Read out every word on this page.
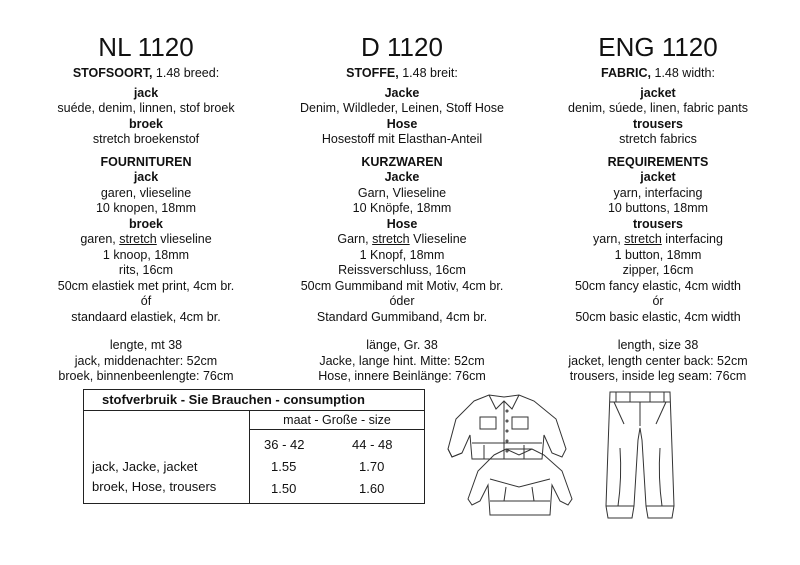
NL 1120
STOFSOORT, 1.48 breed:
jack
suéde, denim, linnen, stof broek
broek
stretch broekenstof
FOURNITUREN
jack
garen, vlieseline
10 knopen, 18mm
broek
garen, stretch vlieseline
1 knoop, 18mm
rits, 16cm
50cm elastiek met print, 4cm br.
óf
standaard elastiek, 4cm br.
lengte, mt 38
jack, middenachter: 52cm
broek, binnenbeenlengte: 76cm
D 1120
STOFFE, 1.48 breit:
Jacke
Denim, Wildleder, Leinen, Stoff Hose
Hose
Hosestoff mit Elasthan-Anteil
KURZWAREN
Jacke
Garn, Vlieseline
10 Knöpfe, 18mm
Hose
Garn, stretch Vlieseline
1 Knopf, 18mm
Reissverschluss, 16cm
50cm Gummiband mit Motiv, 4cm br.
óder
Standard Gummiband, 4cm br.
länge, Gr. 38
Jacke, lange hint. Mitte: 52cm
Hose, innere Beinlänge: 76cm
ENG 1120
FABRIC, 1.48 width:
jacket
denim, súede, linen, fabric pants
trousers
stretch fabrics
REQUIREMENTS
jacket
yarn, interfacing
10 buttons, 18mm
trousers
yarn, stretch interfacing
1 button, 18mm
zipper, 16cm
50cm fancy elastic, 4cm width
ór
50cm basic elastic, 4cm width
length, size 38
jacket, length center back: 52cm
trousers, inside leg seam: 76cm
stofverbruik - Sie Brauchen - consumption
maat - Große - size
36 - 42	44 - 48
jack, Jacke, jacket	1.55	1.70
broek, Hose, trousers	1.50	1.60
